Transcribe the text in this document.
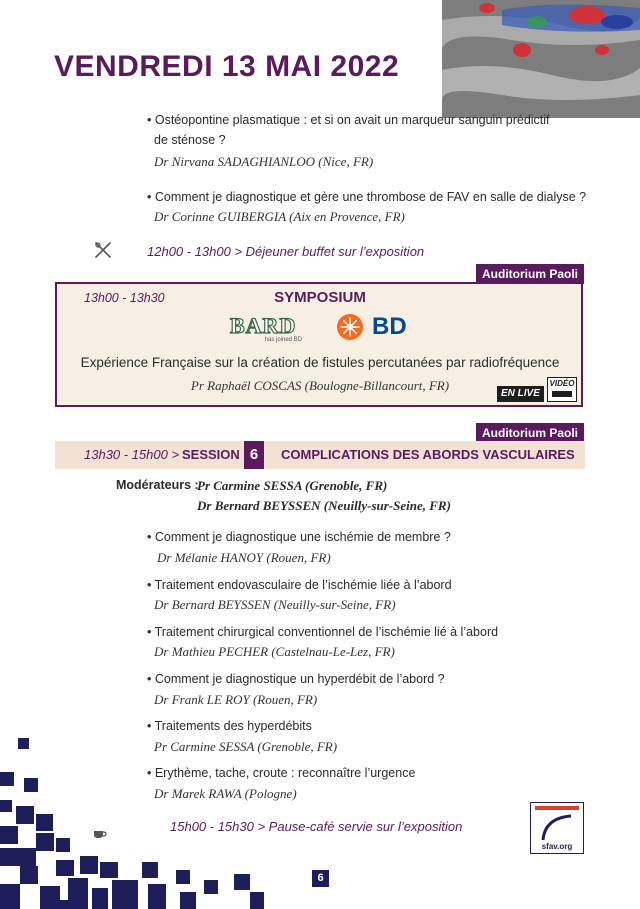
VENDREDI 13 MAI 2022
• Ostéopontine plasmatique : et si on avait un marqueur sanguin prédictif
de sténose ?
Dr Nirvana SADAGHIANLOO (Nice, FR)
• Comment je diagnostique et gère une thrombose de FAV en salle de dialyse ?
Dr Corinne GUIBERGIA (Aix en Provence, FR)
12h00 - 13h00 > Déjeuner buffet sur l’exposition
Auditorium Paoli
13h00 - 13h30	SYMPOSIUM
BARD
has joined BD	BD
Expérience Française sur la création de fistules percutanées par radiofréquence
Pr Raphaël COSCAS (Boulogne-Billancourt, FR)
EN LIVE
VIDÉO
Auditorium Paoli
13h30 - 15h00 > SESSION 6	COMPLICATIONS DES ABORDS VASCULAIRES
Modérateurs :
Pr Carmine SESSA (Grenoble, FR)
Dr Bernard BEYSSEN (Neuilly-sur-Seine, FR)
• Comment je diagnostique une ischémie de membre ?
Dr Mélanie HANOY (Rouen, FR)
• Traitement endovasculaire de l’ischémie liée à l’abord
Dr Bernard BEYSSEN (Neuilly-sur-Seine, FR)
• Traitement chirurgical conventionnel de l’ischémie lié à l’abord
Dr Mathieu PECHER (Castelnau-Le-Lez, FR)
• Comment je diagnostique un hyperdébit de l’abord ?
Dr Frank LE ROY (Rouen, FR)
• Traitements des hyperdébits
Pr Carmine SESSA (Grenoble, FR)
• Erythème, tache, croute : reconnaître l’urgence
Dr Marek RAWA (Pologne)
15h00 - 15h30 > Pause-café servie sur l’exposition
sfav.org
6
